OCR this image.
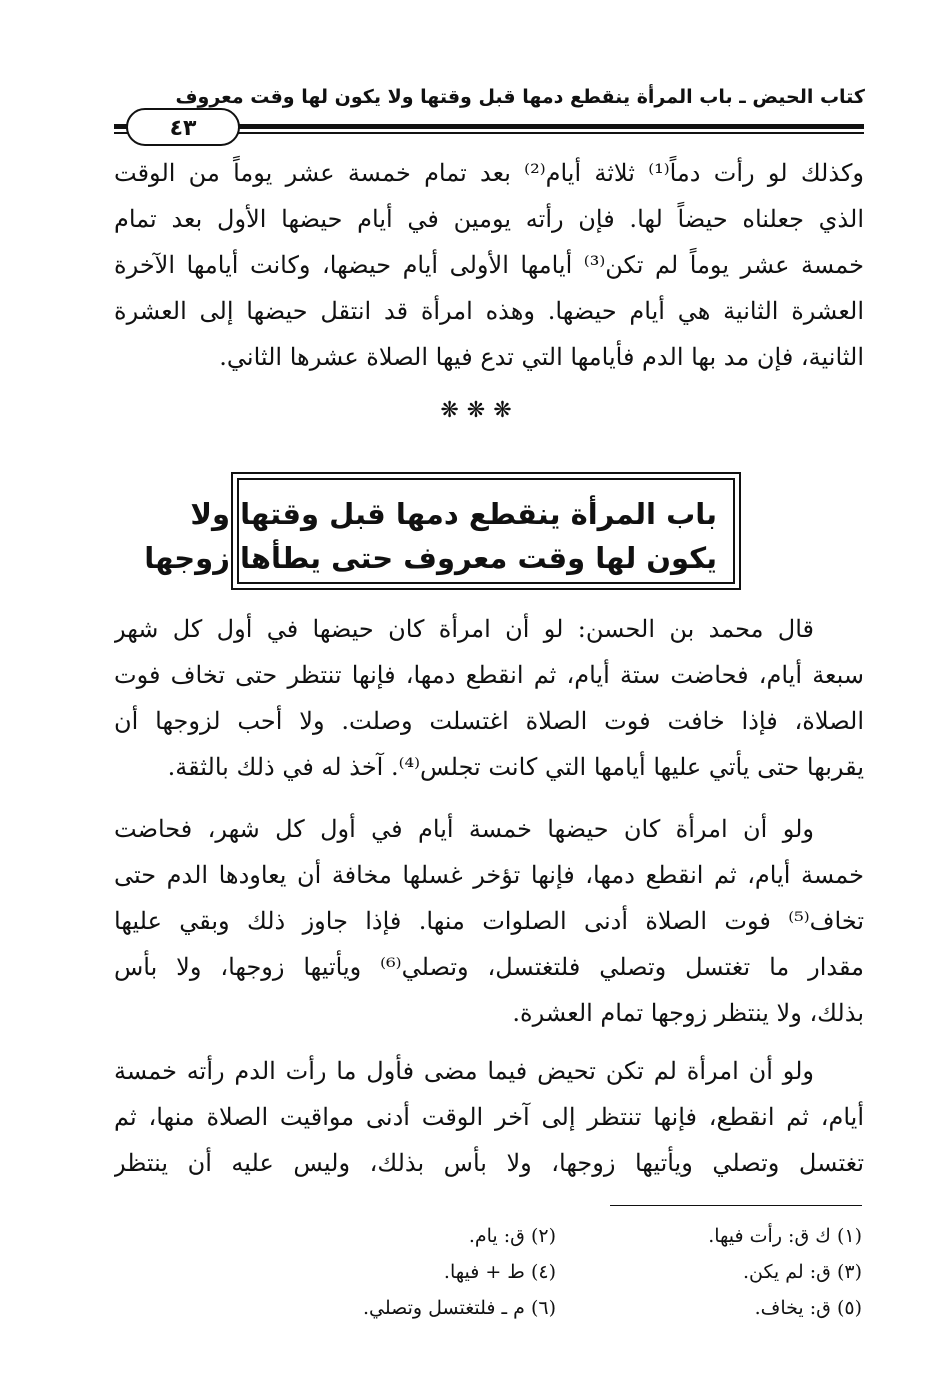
كتاب الحيض ـ باب المرأة ينقطع دمها قبل وقتها ولا يكون لها وقت معروف
٤٣
وكذلك لو رأت دماً⁽¹⁾ ثلاثة أيام⁽²⁾ بعد تمام خمسة عشر يوماً من الوقت
الذي جعلناه حيضاً لها. فإن رأته يومين في أيام حيضها الأول بعد تمام
خمسة عشر يوماً لم تكن⁽³⁾ أيامها الأولى أيام حيضها، وكانت أيامها الآخرة
العشرة الثانية هي أيام حيضها. وهذه امرأة قد انتقل حيضها إلى العشرة
الثانية، فإن مد بها الدم فأيامها التي تدع فيها الصلاة عشرها الثاني.
❋❋❋
باب المرأة ينقطع دمها قبل وقتها ولا
يكون لها وقت معروف حتى يطأها زوجها
قال محمد بن الحسن: لو أن امرأة كان حيضها في أول كل شهر
سبعة أيام، فحاضت ستة أيام، ثم انقطع دمها، فإنها تنتظر حتى تخاف فوت
الصلاة، فإذا خافت فوت الصلاة اغتسلت وصلت. ولا أحب لزوجها أن
يقربها حتى يأتي عليها أيامها التي كانت تجلس⁽⁴⁾. آخذ له في ذلك بالثقة.
ولو أن امرأة كان حيضها خمسة أيام في أول كل شهر، فحاضت
خمسة أيام، ثم انقطع دمها، فإنها تؤخر غسلها مخافة أن يعاودها الدم حتى
تخاف⁽⁵⁾ فوت الصلاة أدنى الصلوات منها. فإذا جاوز ذلك وبقي عليها
مقدار ما تغتسل وتصلي فلتغتسل، وتصلي⁽⁶⁾ ويأتيها زوجها، ولا بأس
بذلك، ولا ينتظر زوجها تمام العشرة.
ولو أن امرأة لم تكن تحيض فيما مضى فأول ما رأت الدم رأته خمسة
أيام، ثم انقطع، فإنها تنتظر إلى آخر الوقت أدنى مواقيت الصلاة منها، ثم
تغتسل وتصلي ويأتيها زوجها، ولا بأس بذلك، وليس عليه أن ينتظر
(١) ك ق: رأت فيها.
(٢) ق: يام.
(٣) ق: لم يكن.
(٤) ط + فيها.
(٥) ق: يخاف.
(٦) م ـ فلتغتسل وتصلي.
